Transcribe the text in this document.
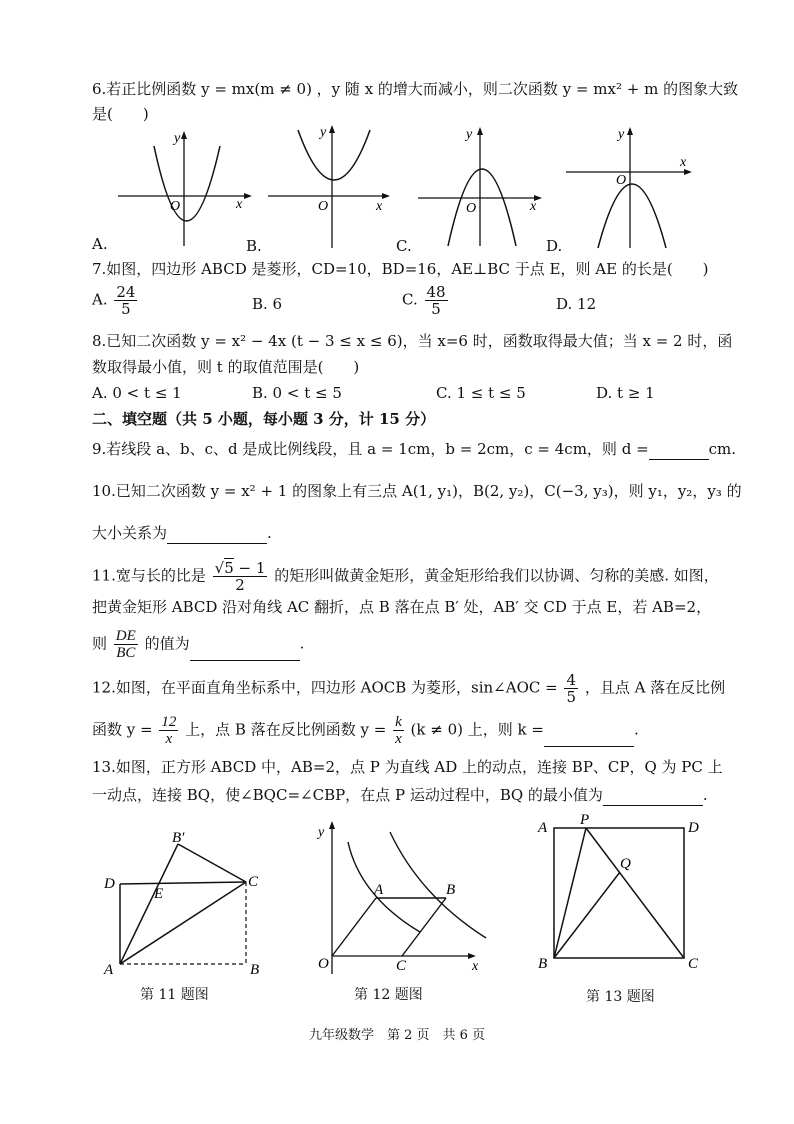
6.若正比例函数 y = mx(m ≠ 0) ，y 随 x 的增大而减小，则二次函数 y = mx² + m 的图象大致
是(　　)
y
x
O
y
x
O
y
x
O
y
x
O
A.	B.	C.	D.
7.如图，四边形 ABCD 是菱形，CD=10，BD=16，AE⊥BC 于点 E，则 AE 的长是(　　)
A. $\frac{24}{5}$	B. 6	C. $\frac{48}{5}$	D. 12
8.已知二次函数 y = x² − 4x (t − 3 ≤ x ≤ 6)，当 x=6 时，函数取得最大值；当 x = 2 时，函
数取得最小值，则 t 的取值范围是(　　)
A. 0 < t ≤ 1	B. 0 < t ≤ 5	C. 1 ≤ t ≤ 5	D. t ≥ 1
二、填空题（共 5 小题，每小题 3 分，计 15 分）
9.若线段 a、b、c、d 是成比例线段，且 a = 1cm，b = 2cm，c = 4cm，则 d =	cm.
10.已知二次函数 y = x² + 1 的图象上有三点 A(1, y₁)，B(2, y₂)，C(−3, y₃)，则 y₁，y₂，y₃ 的
大小关系为	.
11.宽与长的比是 $\frac{√5 - 1}{2}$ 的矩形叫做黄金矩形，黄金矩形给我们以协调、匀称的美感. 如图，
把黄金矩形 ABCD 沿对角线 AC 翻折，点 B 落在点 B′ 处，AB′ 交 CD 于点 E，若 AB=2，
则 $\frac{DE}{BC}$ 的值为	.
12.如图，在平面直角坐标系中，四边形 AOCB 为菱形，sin∠AOC = $\frac{4}{5}$ ，且点 A 落在反比例
函数 $y = \frac{12}{x}$ 上，点 B 落在反比例函数 $y = \frac{k}{x} (k \ne 0)$ 上，则 k =	.
13.如图，正方形 ABCD 中，AB=2，点 P 为直线 AD 上的动点，连接 BP、CP，Q 为 PC 上
一动点，连接 BQ，使∠BQC=∠CBP，在点 P 运动过程中，BQ 的最小值为	.
B′
D
E
C
A	B
第 11 题图
y
O
A	B
C	x
第 12 题图
A P	D
Q
B	C
第 13 题图
九年级数学　第 2 页　共 6 页
